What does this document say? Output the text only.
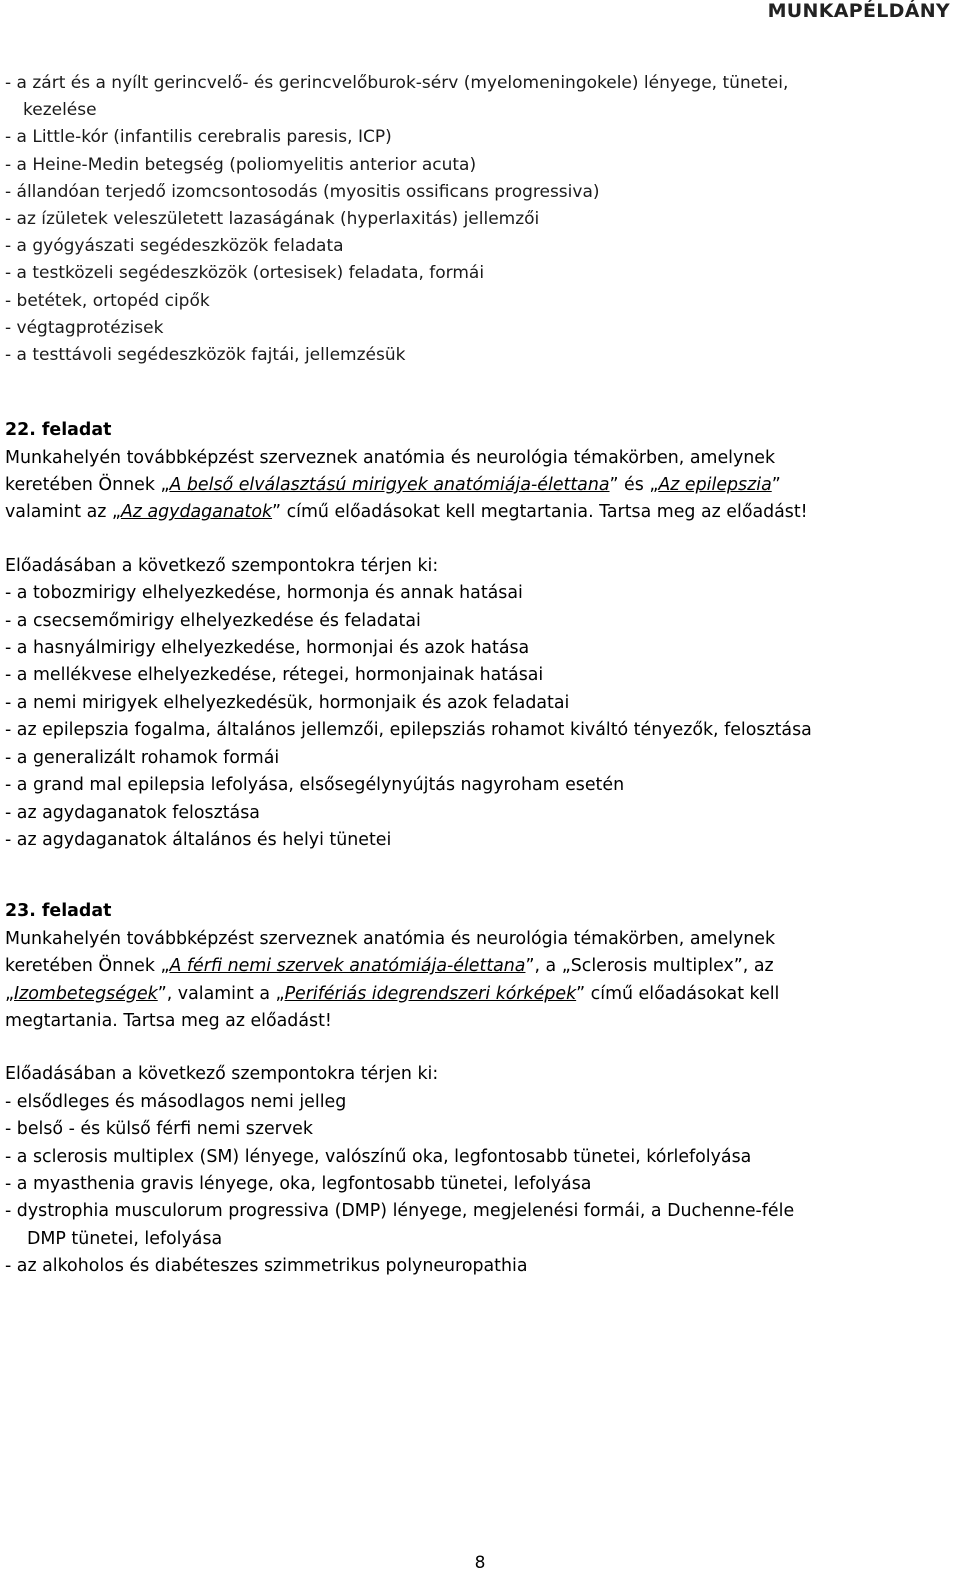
MUNKAPÉLDÁNY
- a zárt és a nyílt gerincvelő- és gerincvelőburok-sérv (myelomeningokele) lényege, tünetei,
kezelése
- a Little-kór (infantilis cerebralis paresis, ICP)
- a Heine-Medin betegség (poliomyelitis anterior acuta)
- állandóan terjedő izomcsontosodás (myositis ossificans progressiva)
- az ízületek veleszületett lazaságának (hyperlaxitás) jellemzői
- a gyógyászati segédeszközök feladata
- a testközeli segédeszközök (ortesisek) feladata, formái
- betétek, ortopéd cipők
- végtagprotézisek
- a testtávoli segédeszközök fajtái, jellemzésük
22. feladat
Munkahelyén továbbképzést szerveznek anatómia és neurológia témakörben, amelynek
keretében Önnek „A belső elválasztású mirigyek anatómiája-élettana” és „Az epilepszia”
valamint az „Az agydaganatok” című előadásokat kell megtartania. Tartsa meg az előadást!
Előadásában a következő szempontokra térjen ki:
- a tobozmirigy elhelyezkedése, hormonja és annak hatásai
- a csecsemőmirigy elhelyezkedése és feladatai
- a hasnyálmirigy elhelyezkedése, hormonjai és azok hatása
- a mellékvese elhelyezkedése, rétegei, hormonjainak hatásai
- a nemi mirigyek elhelyezkedésük, hormonjaik és azok feladatai
- az epilepszia fogalma, általános jellemzői, epilepsziás rohamot kiváltó tényezők, felosztása
- a generalizált rohamok formái
- a grand mal epilepsia lefolyása, elsősegélynyújtás nagyroham esetén
- az agydaganatok felosztása
- az agydaganatok általános és helyi tünetei
23. feladat
Munkahelyén továbbképzést szerveznek anatómia és neurológia témakörben, amelynek
keretében Önnek „A férfi nemi szervek anatómiája-élettana”, a „Sclerosis multiplex”, az
„Izombetegségek”, valamint a „Perifériás idegrendszeri kórképek” című előadásokat kell
megtartania. Tartsa meg az előadást!
Előadásában a következő szempontokra térjen ki:
- elsődleges és másodlagos nemi jelleg
- belső - és külső férfi nemi szervek
- a sclerosis multiplex (SM) lényege, valószínű oka, legfontosabb tünetei, kórlefolyása
- a myasthenia gravis lényege, oka, legfontosabb tünetei, lefolyása
- dystrophia musculorum progressiva (DMP) lényege, megjelenési formái, a Duchenne-féle
DMP tünetei, lefolyása
- az alkoholos és diabéteszes szimmetrikus polyneuropathia
8
